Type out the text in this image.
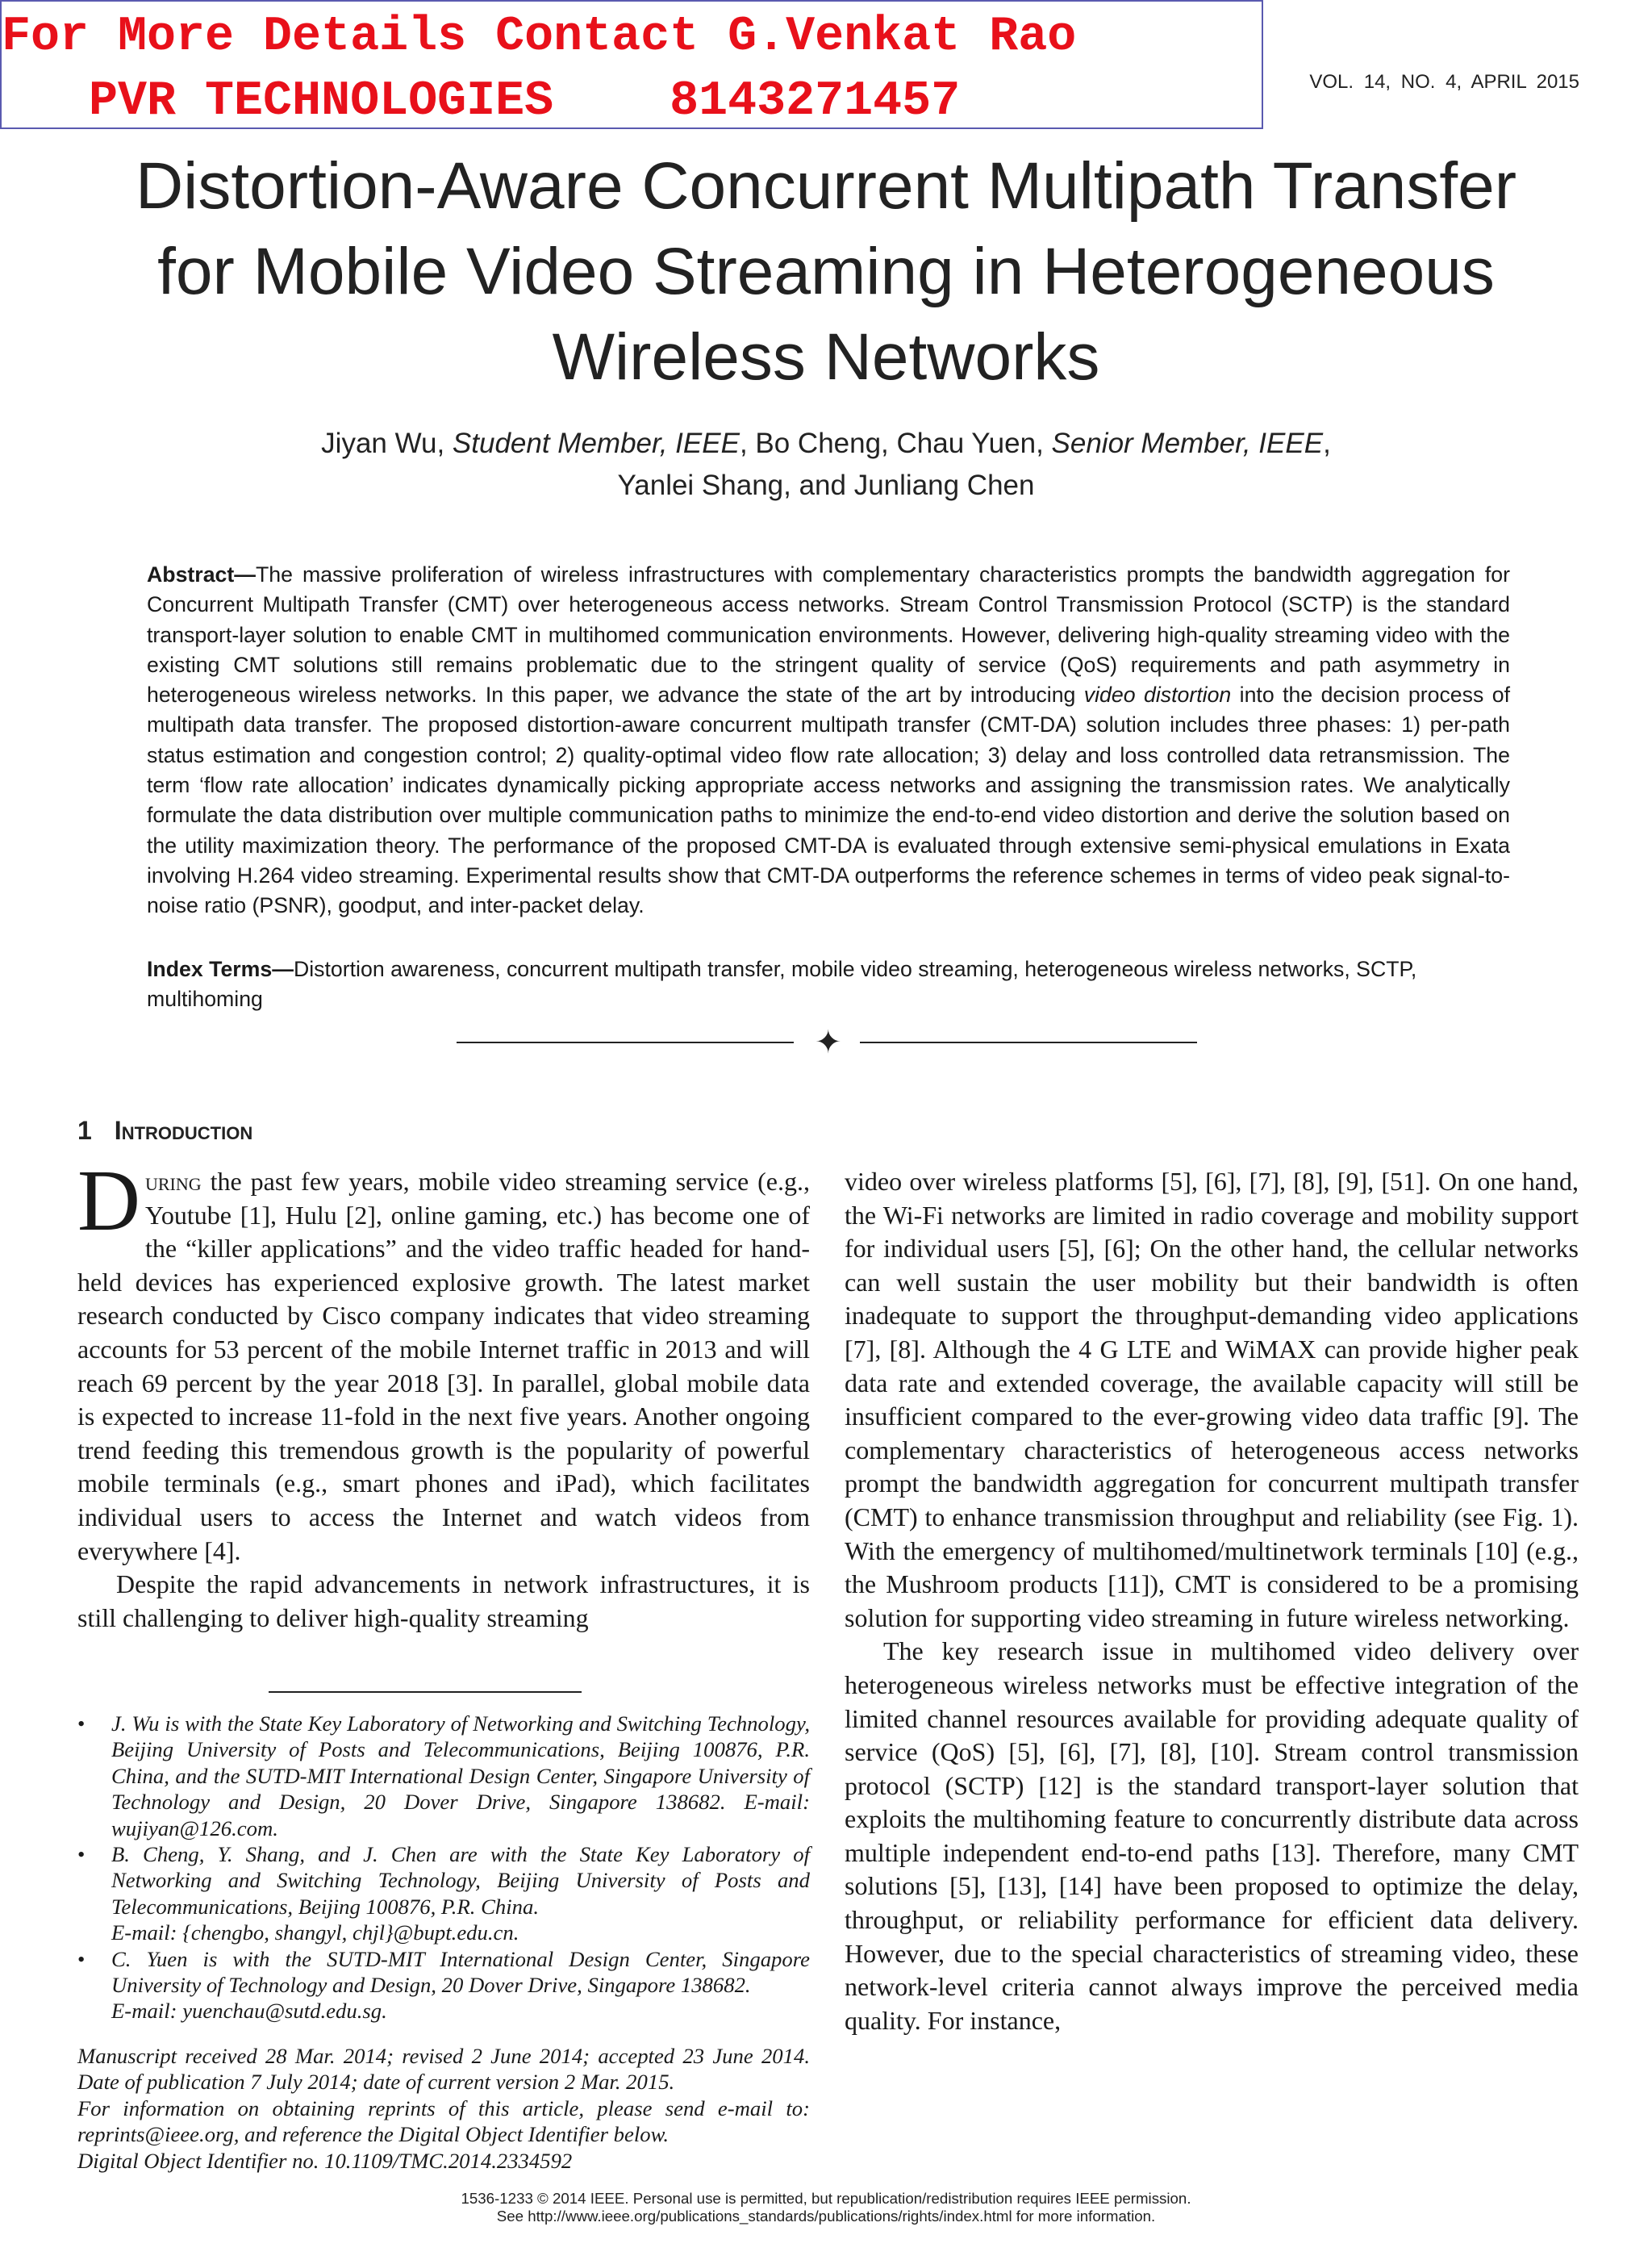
For More Details Contact G.Venkat Rao
PVR TECHNOLOGIES    8143271457	VOL. 14, NO. 4, APRIL 2015
Distortion-Aware Concurrent Multipath Transfer
for Mobile Video Streaming in Heterogeneous
Wireless Networks
Jiyan Wu, Student Member, IEEE, Bo Cheng, Chau Yuen, Senior Member, IEEE,
Yanlei Shang, and Junliang Chen
Abstract—The massive proliferation of wireless infrastructures with complementary characteristics prompts the bandwidth aggregation for Concurrent Multipath Transfer (CMT) over heterogeneous access networks. Stream Control Transmission Protocol (SCTP) is the standard transport-layer solution to enable CMT in multihomed communication environments. However, delivering high-quality streaming video with the existing CMT solutions still remains problematic due to the stringent quality of service (QoS) requirements and path asymmetry in heterogeneous wireless networks. In this paper, we advance the state of the art by introducing video distortion into the decision process of multipath data transfer. The proposed distortion-aware concurrent multipath transfer (CMT-DA) solution includes three phases: 1) per-path status estimation and congestion control; 2) quality-optimal video flow rate allocation; 3) delay and loss controlled data retransmission. The term ‘flow rate allocation’ indicates dynamically picking appropriate access networks and assigning the transmission rates. We analytically formulate the data distribution over multiple communication paths to minimize the end-to-end video distortion and derive the solution based on the utility maximization theory. The performance of the proposed CMT-DA is evaluated through extensive semi-physical emulations in Exata involving H.264 video streaming. Experimental results show that CMT-DA outperforms the reference schemes in terms of video peak signal-to-noise ratio (PSNR), goodput, and inter-packet delay.
Index Terms—Distortion awareness, concurrent multipath transfer, mobile video streaming, heterogeneous wireless networks, SCTP, multihoming
✦
1 Introduction

During the past few years, mobile video streaming service (e.g., Youtube [1], Hulu [2], online gaming, etc.) has become one of the “killer applications” and the video traffic headed for hand-held devices has experienced explosive growth. The latest market research conducted by Cisco company indicates that video streaming accounts for 53 percent of the mobile Internet traffic in 2013 and will reach 69 percent by the year 2018 [3]. In parallel, global mobile data is expected to increase 11-fold in the next five years. Another ongoing trend feeding this tremendous growth is the popularity of powerful mobile terminals (e.g., smart phones and iPad), which facilitates individual users to access the Internet and watch videos from everywhere [4].

Despite the rapid advancements in network infrastructures, it is still challenging to deliver high-quality streaming

video over wireless platforms [5], [6], [7], [8], [9], [51]. On one hand, the Wi-Fi networks are limited in radio coverage and mobility support for individual users [5], [6]; On the other hand, the cellular networks can well sustain the user mobility but their bandwidth is often inadequate to support the throughput-demanding video applications [7], [8]. Although the 4 G LTE and WiMAX can provide higher peak data rate and extended coverage, the available capacity will still be insufficient compared to the ever-growing video data traffic [9]. The complementary characteristics of heterogeneous access networks prompt the bandwidth aggregation for concurrent multipath transfer (CMT) to enhance transmission throughput and reliability (see Fig. 1). With the emergency of multihomed/multinetwork terminals [10] (e.g., the Mushroom products [11]), CMT is considered to be a promising solution for supporting video streaming in future wireless networking.

The key research issue in multihomed video delivery over heterogeneous wireless networks must be effective integration of the limited channel resources available for providing adequate quality of service (QoS) [5], [6], [7], [8], [10]. Stream control transmission protocol (SCTP) [12] is the standard transport-layer solution that exploits the multihoming feature to concurrently distribute data across multiple independent end-to-end paths [13]. Therefore, many CMT solutions [5], [13], [14] have been proposed to optimize the delay, throughput, or reliability performance for efficient data delivery. However, due to the special characteristics of streaming video, these network-level criteria cannot always improve the perceived media quality. For instance,

• J. Wu is with the State Key Laboratory of Networking and Switching Technology, Beijing University of Posts and Telecommunications, Beijing 100876, P.R. China, and the SUTD-MIT International Design Center, Singapore University of Technology and Design, 20 Dover Drive, Singapore 138682. E-mail: wujiyan@126.com.

• B. Cheng, Y. Shang, and J. Chen are with the State Key Laboratory of Networking and Switching Technology, Beijing University of Posts and Telecommunications, Beijing 100876, P.R. China.

E-mail: {chengbo, shangyl, chjl}@bupt.edu.cn.

• C. Yuen is with the SUTD-MIT International Design Center, Singapore University of Technology and Design, 20 Dover Drive, Singapore 138682.

E-mail: yuenchau@sutd.edu.sg.

Manuscript received 28 Mar. 2014; revised 2 June 2014; accepted 23 June 2014. Date of publication 7 July 2014; date of current version 2 Mar. 2015.

For information on obtaining reprints of this article, please send e-mail to: reprints@ieee.org, and reference the Digital Object Identifier below.

Digital Object Identifier no. 10.1109/TMC.2014.2334592

1536-1233 © 2014 IEEE. Personal use is permitted, but republication/redistribution requires IEEE permission.
See http://www.ieee.org/publications_standards/publications/rights/index.html for more information.
